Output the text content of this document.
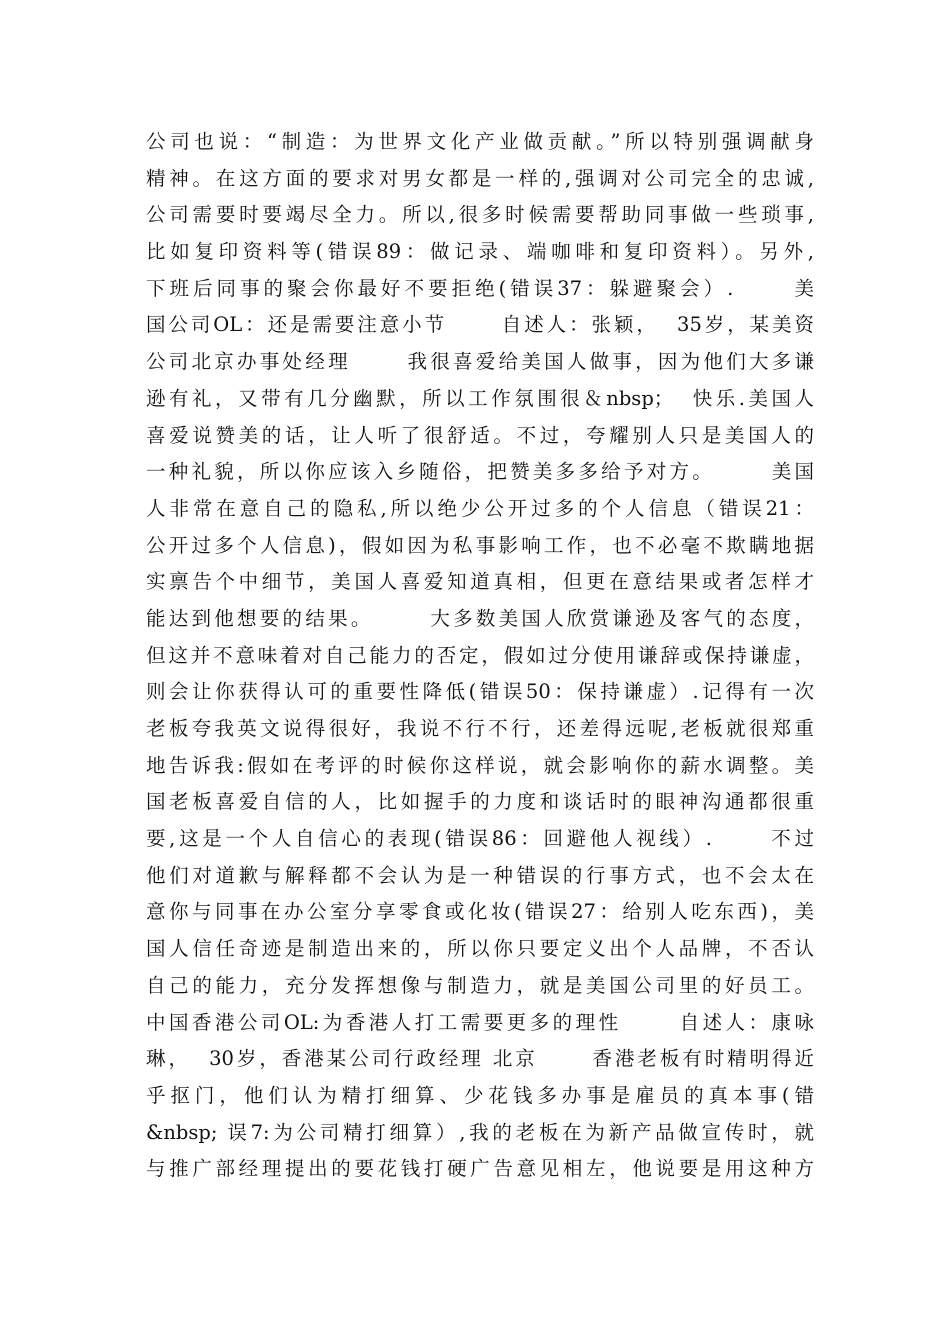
公司也说：“制造：为世界文化产业做贡献。”所以特别强调献身
精神。在这方面的要求对男女都是一样的,强调对公司完全的忠诚,
公司需要时要竭尽全力。所以,很多时候需要帮助同事做一些琐事,
比如复印资料等(错误89：做记录、端咖啡和复印资料）。另外,
下班后同事的聚会你最好不要拒绝(错误37：躲避聚会）.      美
国公司OL：还是需要注意小节      自述人：张颖，  35岁，某美资
公司北京办事处经理      我很喜爱给美国人做事，因为他们大多谦
逊有礼，又带有几分幽默，所以工作氛围很＆nbsp；  快乐.美国人
喜爱说赞美的话，让人听了很舒适。不过，夸耀别人只是美国人的
一种礼貌，所以你应该入乡随俗，把赞美多多给予对方。      美国
人非常在意自己的隐私,所以绝少公开过多的个人信息（错误21：
公开过多个人信息)，假如因为私事影响工作，也不必毫不欺瞒地据
实禀告个中细节，美国人喜爱知道真相，但更在意结果或者怎样才
能达到他想要的结果。      大多数美国人欣赏谦逊及客气的态度，
但这并不意味着对自己能力的否定，假如过分使用谦辞或保持谦虚，
则会让你获得认可的重要性降低(错误50：保持谦虚）.记得有一次
老板夸我英文说得很好，我说不行不行，还差得远呢,老板就很郑重
地告诉我:假如在考评的时候你这样说，就会影响你的薪水调整。美
国老板喜爱自信的人，比如握手的力度和谈话时的眼神沟通都很重
要,这是一个人自信心的表现(错误86：回避他人视线）.      不过
他们对道歉与解释都不会认为是一种错误的行事方式，也不会太在
意你与同事在办公室分享零食或化妆(错误27：给别人吃东西)，美
国人信任奇迹是制造出来的，所以你只要定义出个人品牌，不否认
自己的能力，充分发挥想像与制造力，就是美国公司里的好员工。
中国香港公司OL:为香港人打工需要更多的理性      自述人：康咏
琳，  30岁，香港某公司行政经理 北京      香港老板有时精明得近
乎抠门，他们认为精打细算、少花钱多办事是雇员的真本事(错
&nbsp; 误7:为公司精打细算）,我的老板在为新产品做宣传时，就
与推广部经理提出的要花钱打硬广告意见相左，他说要是用这种方
